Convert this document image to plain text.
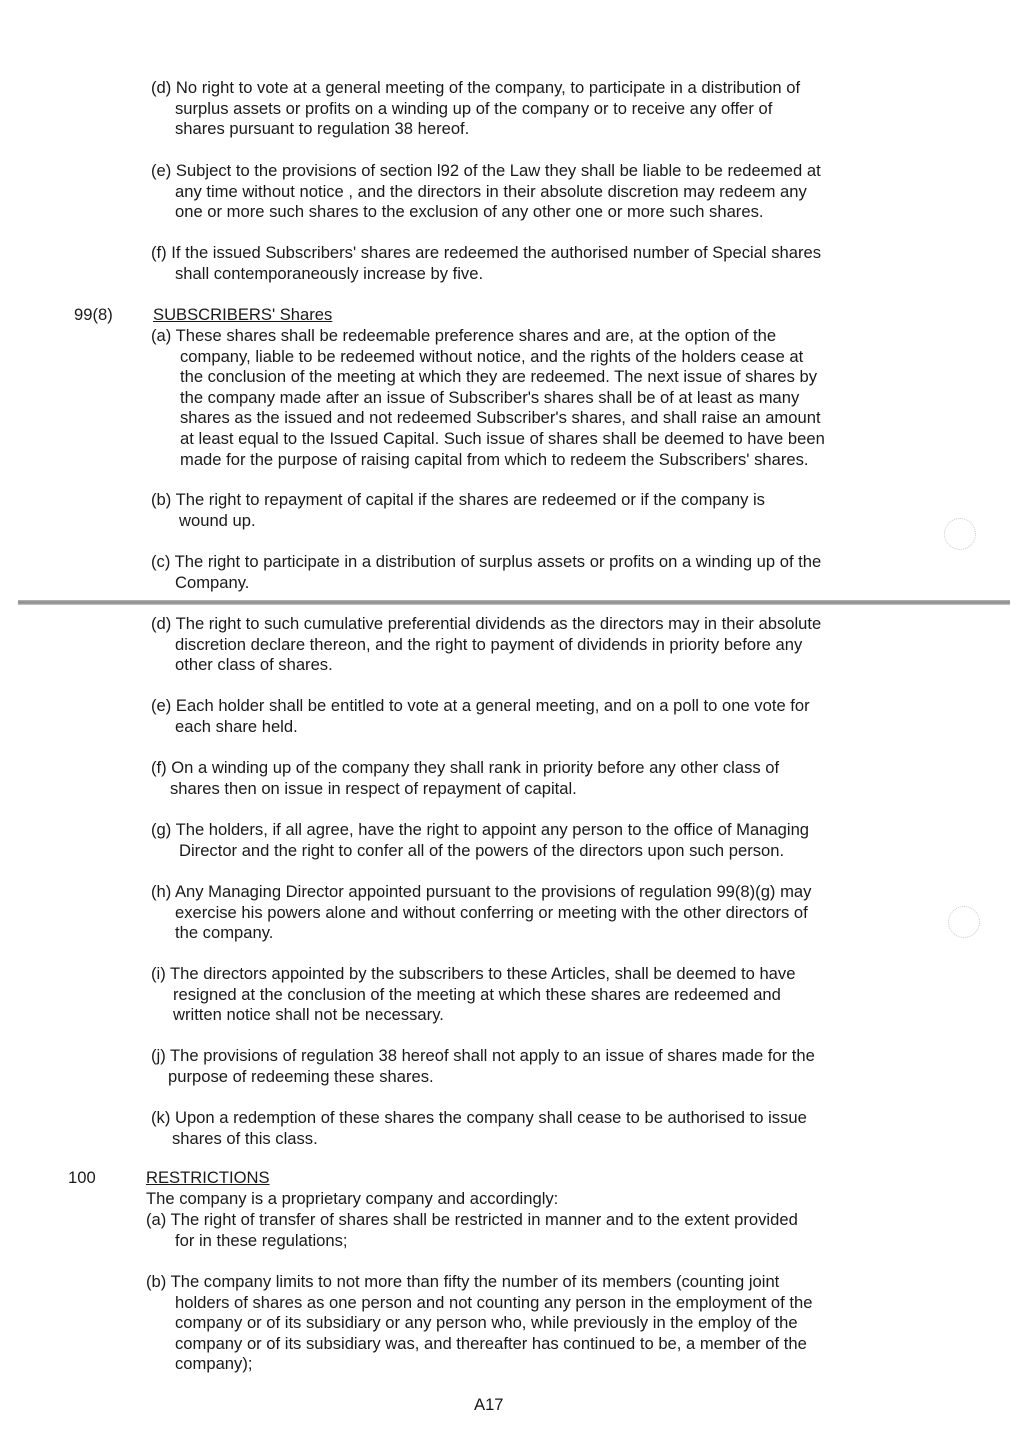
(d) No right to vote at a general meeting of the company, to participate in a distribution of
surplus assets or profits on a winding up of the company or to receive any offer of
shares pursuant to regulation 38 hereof.
(e) Subject to the provisions of section l92 of the Law they shall be liable to be redeemed at
any time without notice , and the directors in their absolute discretion may redeem any
one or more such shares to the exclusion of any other one or more such shares.
(f) If the issued Subscribers' shares are redeemed the authorised number of Special shares
shall contemporaneously increase by five.
99(8) SUBSCRIBERS' Shares
(a) These shares shall be redeemable preference shares and are, at the option of the
company, liable to be redeemed without notice, and the rights of the holders cease at
the conclusion of the meeting at which they are redeemed. The next issue of shares by
the company made after an issue of Subscriber's shares shall be of at least as many
shares as the issued and not redeemed Subscriber's shares, and shall raise an amount
at least equal to the Issued Capital. Such issue of shares shall be deemed to have been
made for the purpose of raising capital from which to redeem the Subscribers' shares.
(b) The right to repayment of capital if the shares are redeemed or if the company is
wound up.
(c) The right to participate in a distribution of surplus assets or profits on a winding up of the
Company.
(d) The right to such cumulative preferential dividends as the directors may in their absolute
discretion declare thereon, and the right to payment of dividends in priority before any
other class of shares.
(e) Each holder shall be entitled to vote at a general meeting, and on a poll to one vote for
each share held.
(f) On a winding up of the company they shall rank in priority before any other class of
shares then on issue in respect of repayment of capital.
(g) The holders, if all agree, have the right to appoint any person to the office of Managing
Director and the right to confer all of the powers of the directors upon such person.
(h) Any Managing Director appointed pursuant to the provisions of regulation 99(8)(g) may
exercise his powers alone and without conferring or meeting with the other directors of
the company.
(i) The directors appointed by the subscribers to these Articles, shall be deemed to have
resigned at the conclusion of the meeting at which these shares are redeemed and
written notice shall not be necessary.
(j) The provisions of regulation 38 hereof shall not apply to an issue of shares made for the
purpose of redeeming these shares.
(k) Upon a redemption of these shares the company shall cease to be authorised to issue
shares of this class.
100	RESTRICTIONS
The company is a proprietary company and accordingly:
(a) The right of transfer of shares shall be restricted in manner and to the extent provided
for in these regulations;
(b) The company limits to not more than fifty the number of its members (counting joint
holders of shares as one person and not counting any person in the employment of the
company or of its subsidiary or any person who, while previously in the employ of the
company or of its subsidiary was, and thereafter has continued to be, a member of the
company);
A17
